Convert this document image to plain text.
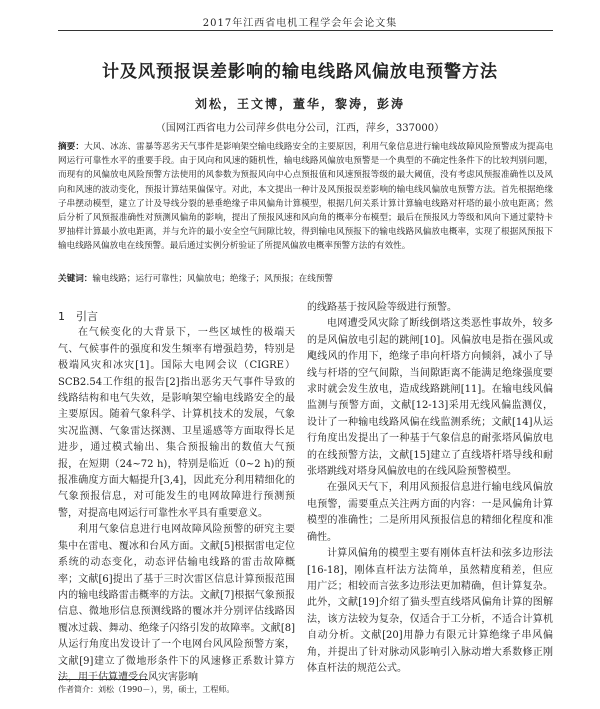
2017年江西省电机工程学会年会论文集
计及风预报误差影响的输电线路风偏放电预警方法
刘松，王文博，董华，黎涛，彭涛
（国网江西省电力公司萍乡供电分公司，江西，萍乡，337000）
摘要：大风、冰冻、雷暴等恶劣天气事件是影响架空输电线路安全的主要原因，利用气象信息进行输电线故障风险预警成为提高电网运行可靠性水平的重要手段。由于风向和风速的随机性，输电线路风偏放电预警是一个典型的不确定性条件下的比较判别问题，而现有的风偏放电风险预警方法使用的风参数为预报风向中心点预报值和风速预报等级的最大阈值，没有考虑风预报准确性以及风向和风速的波动变化，预报计算结果偏保守。对此，本文提出一种计及风预报误差影响的输电线风偏放电预警方法。首先根据绝缘子串摆动模型，建立了计及导线分裂的悬垂绝缘子串风偏角计算模型，根据几何关系计算计算输电线路对杆塔的最小放电距离；然后分析了风预报准确性对预测风偏角的影响，提出了预报风速和风向角的概率分布模型；最后在预报风力等级和风向下通过蒙特卡罗抽样计算最小放电距离，并与允许的最小安全空气间隙比较，得到输电风预报下的输电线路风偏放电概率，实现了根据风预报下输电线路风偏放电在线预警。最后通过实例分析验证了所提风偏放电概率预警方法的有效性。
关键词：输电线路；运行可靠性；风偏放电；绝缘子；风预报；在线预警

1　引言

在气候变化的大背景下，一些区域性的极端天气、气候事件的强度和发生频率有增强趋势，特别是极端风灾和冰灾[1]。国际大电网会议（CIGRE）SCB2.54工作组的报告[2]指出恶劣天气事件导致的线路结构和电气失效，是影响架空输电线路安全的最主要原因。随着气象科学、计算机技术的发展，气象实况监测、气象雷达探测、卫星遥感等方面取得长足进步，通过模式输出、集合预报输出的数值大气预报，在短期（24~72 h)，特别是临近（0~2 h)的预报准确度方面大幅提升[3,4]，因此充分利用精细化的气象预报信息，对可能发生的电网故障进行预测预警，对提高电网运行可靠性水平具有重要意义。

利用气象信息进行电网故障风险预警的研究主要集中在雷电、覆冰和台风方面。文献[5]根据雷电定位系统的动态变化，动态评估输电线路的雷击故障概率；文献[6]提出了基于三时次雷区信息计算预报范围内的输电线路雷击概率的方法。文献[7]根据气象预报信息、微地形信息预测线路的覆冰并分别评估线路因覆冰过载、舞动、绝缘子闪络引发的故障率。文献[8]从运行角度出发设计了一个电网台风风险预警方案，文献[9]建立了微地形条件下的风速修正系数计算方法，用于估算遭受台风灾害影响

的线路基于按风险等级进行预警。

电网遭受风灾除了断线倒塔这类恶性事故外，较多的是风偏放电引起的跳闸[10]。风偏放电是指在强风或飑线风的作用下，绝缘子串向杆塔方向倾斜，减小了导线与杆塔的空气间隙，当间隙距离不能满足绝缘强度要求时就会发生放电，造成线路跳闸[11]。在输电线风偏监测与预警方面，文献[12-13]采用无线风偏监测仪，设计了一种输电线路风偏在线监测系统；文献[14]从运行角度出发提出了一种基于气象信息的耐张塔风偏放电的在线预警方法，文献[15]建立了直线塔杆塔导线和耐张塔跳线对塔身风偏放电的在线风险预警模型。

在强风天气下，利用风预报信息进行输电线风偏放电预警，需要重点关注两方面的内容：一是风偏角计算模型的准确性；二是所用风预报信息的精细化程度和准确性。

计算风偏角的模型主要有刚体直杆法和弦多边形法[16-18]，刚体直杆法方法简单，虽然精度稍差，但应用广泛；相较而言弦多边形法更加精确，但计算复杂。此外，文献[19]介绍了猫头型直线塔风偏角计算的图解法，该方法较为复杂，仅适合于工分析，不适合计算机自动分析。文献[20]用静力有限元计算绝缘子串风偏角，并提出了针对脉动风影响引入脉动增大系数修正刚体直杆法的规范公式。

作者简介：刘松（1990－），男，硕士，工程师。
